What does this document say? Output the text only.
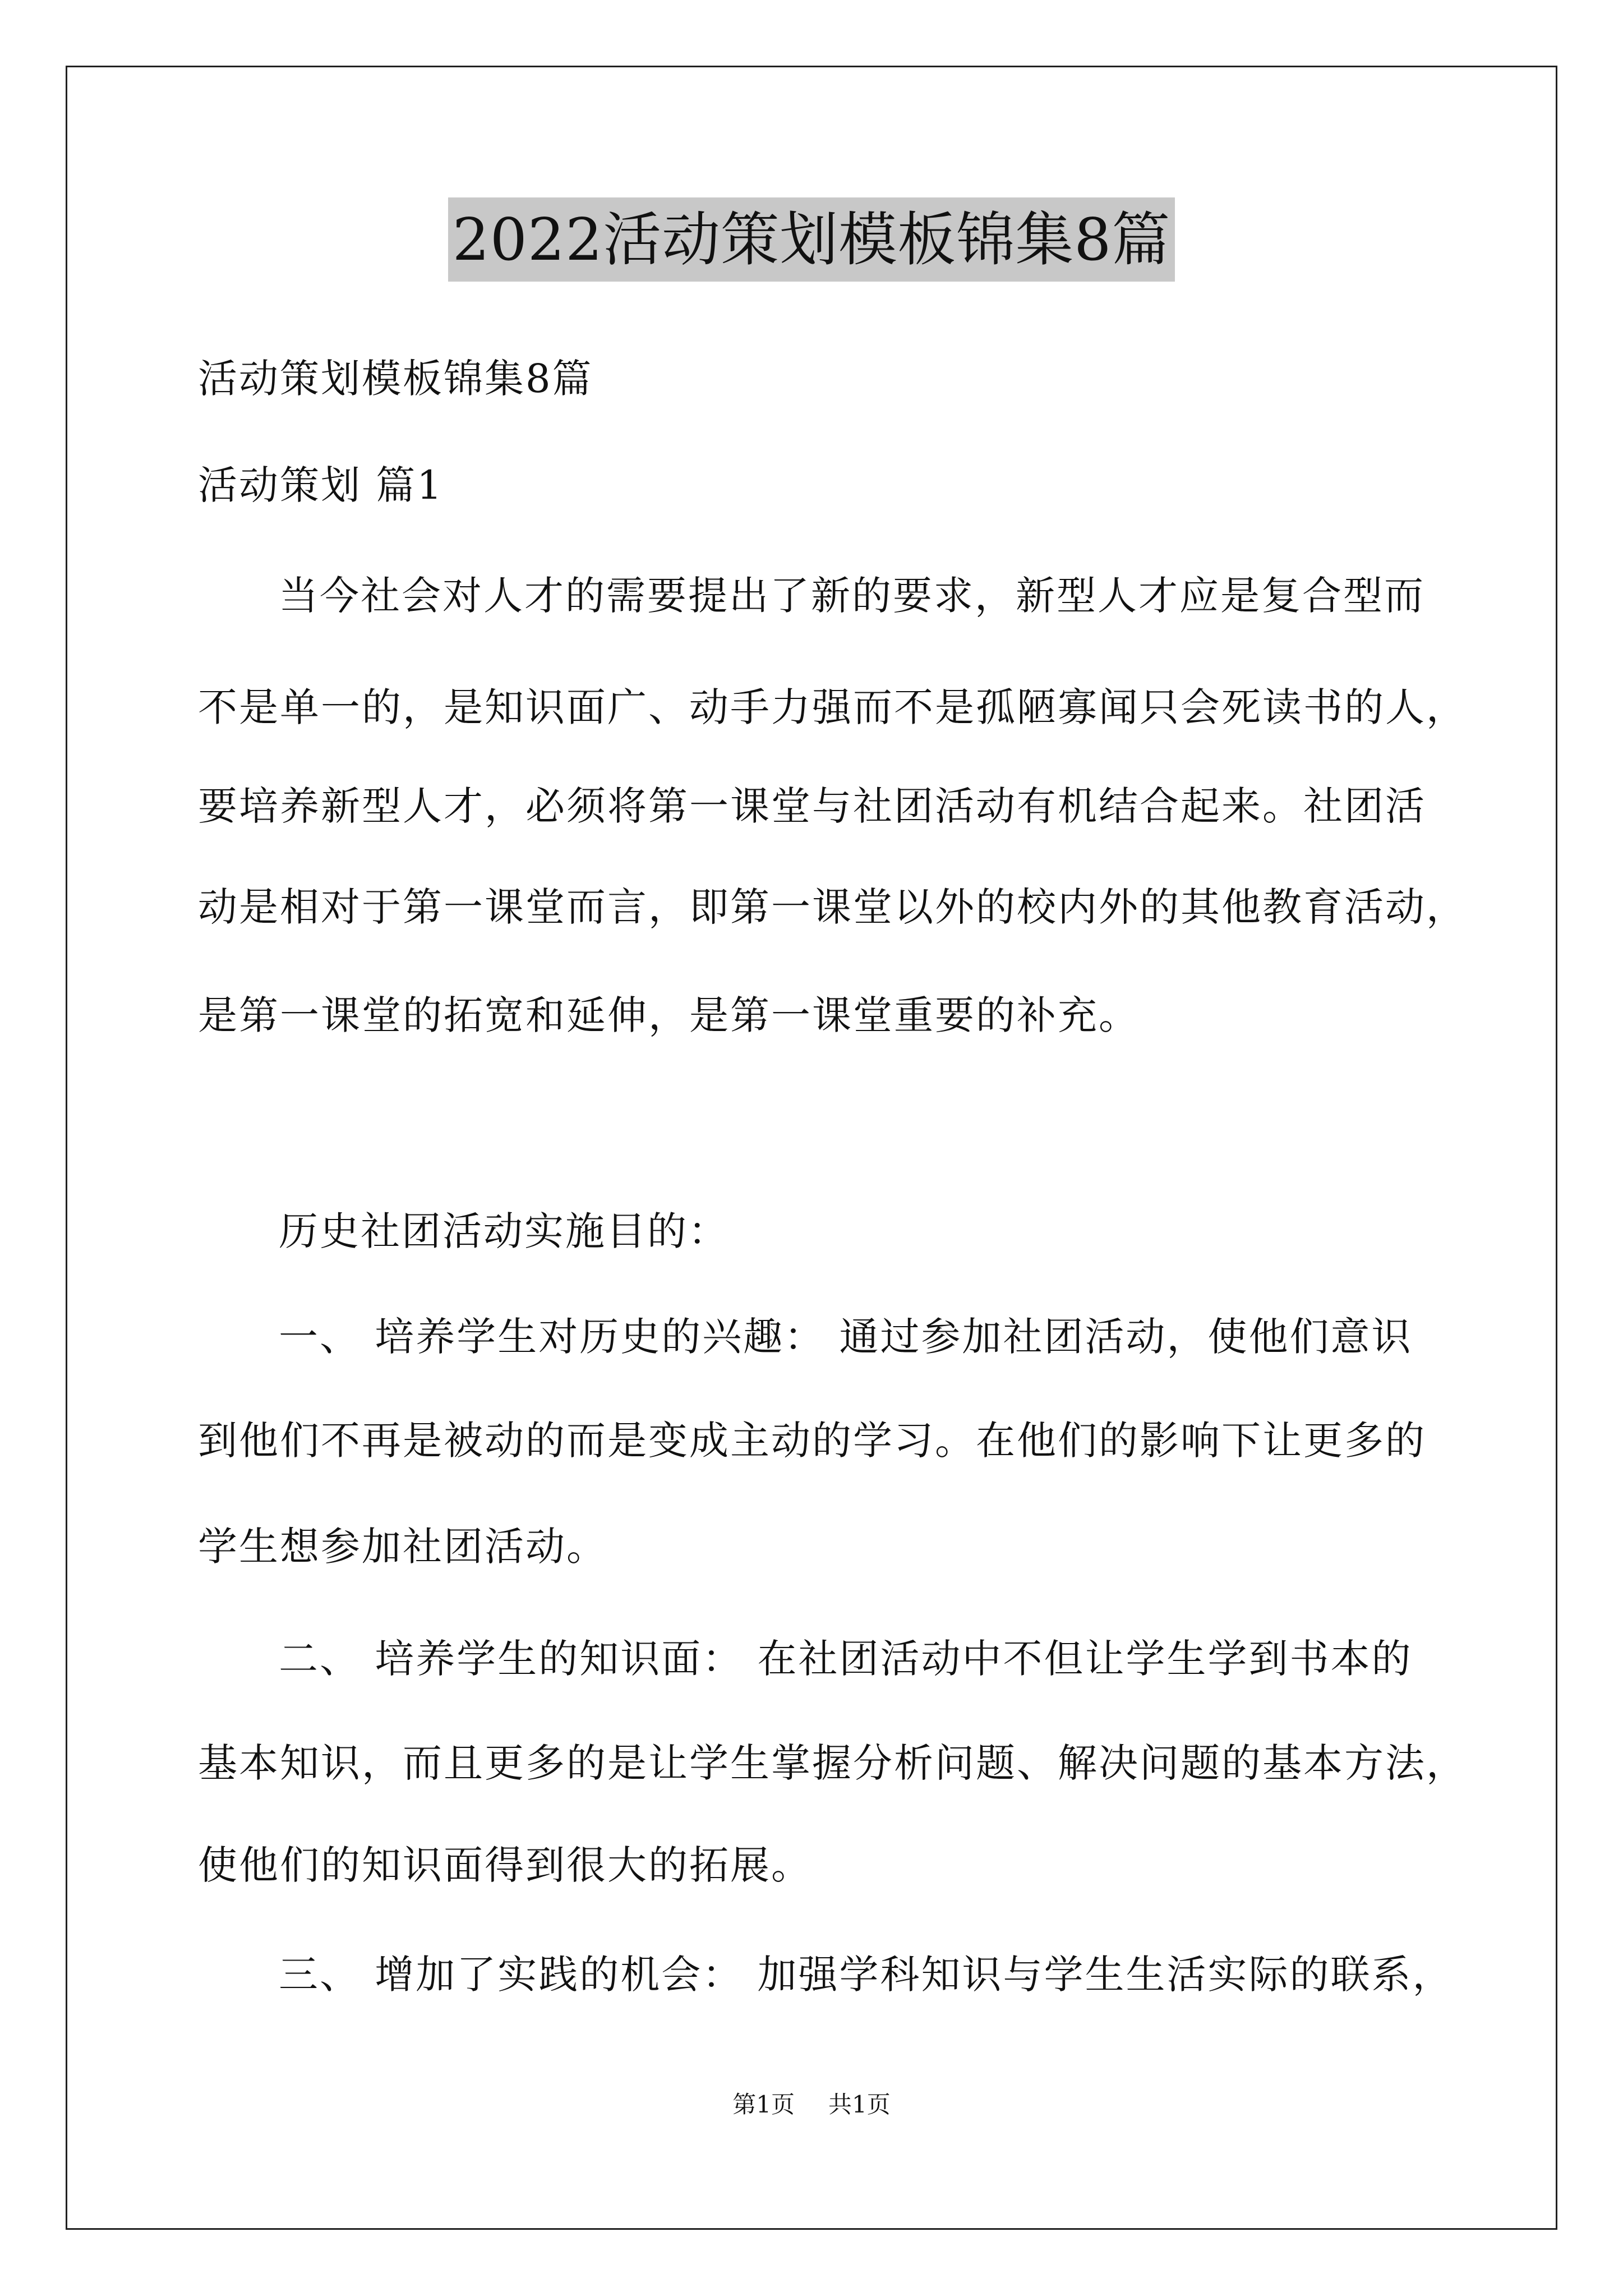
2022活动策划模板锦集8篇
活动策划模板锦集8篇
活动策划 篇1
当今社会对人才的需要提出了新的要求，新型人才应是复合型而
不是单一的，是知识面广、动手力强而不是孤陋寡闻只会死读书的人，
要培养新型人才，必须将第一课堂与社团活动有机结合起来。社团活
动是相对于第一课堂而言，即第一课堂以外的校内外的其他教育活动，
是第一课堂的拓宽和延伸，是第一课堂重要的补充。
历史社团活动实施目的：
一、 培养学生对历史的兴趣： 通过参加社团活动，使他们意识
到他们不再是被动的而是变成主动的学习。在他们的影响下让更多的
学生想参加社团活动。
二、 培养学生的知识面： 在社团活动中不但让学生学到书本的
基本知识，而且更多的是让学生掌握分析问题、解决问题的基本方法，
使他们的知识面得到很大的拓展。
三、 增加了实践的机会： 加强学科知识与学生生活实际的联系，
第1页 共1页
